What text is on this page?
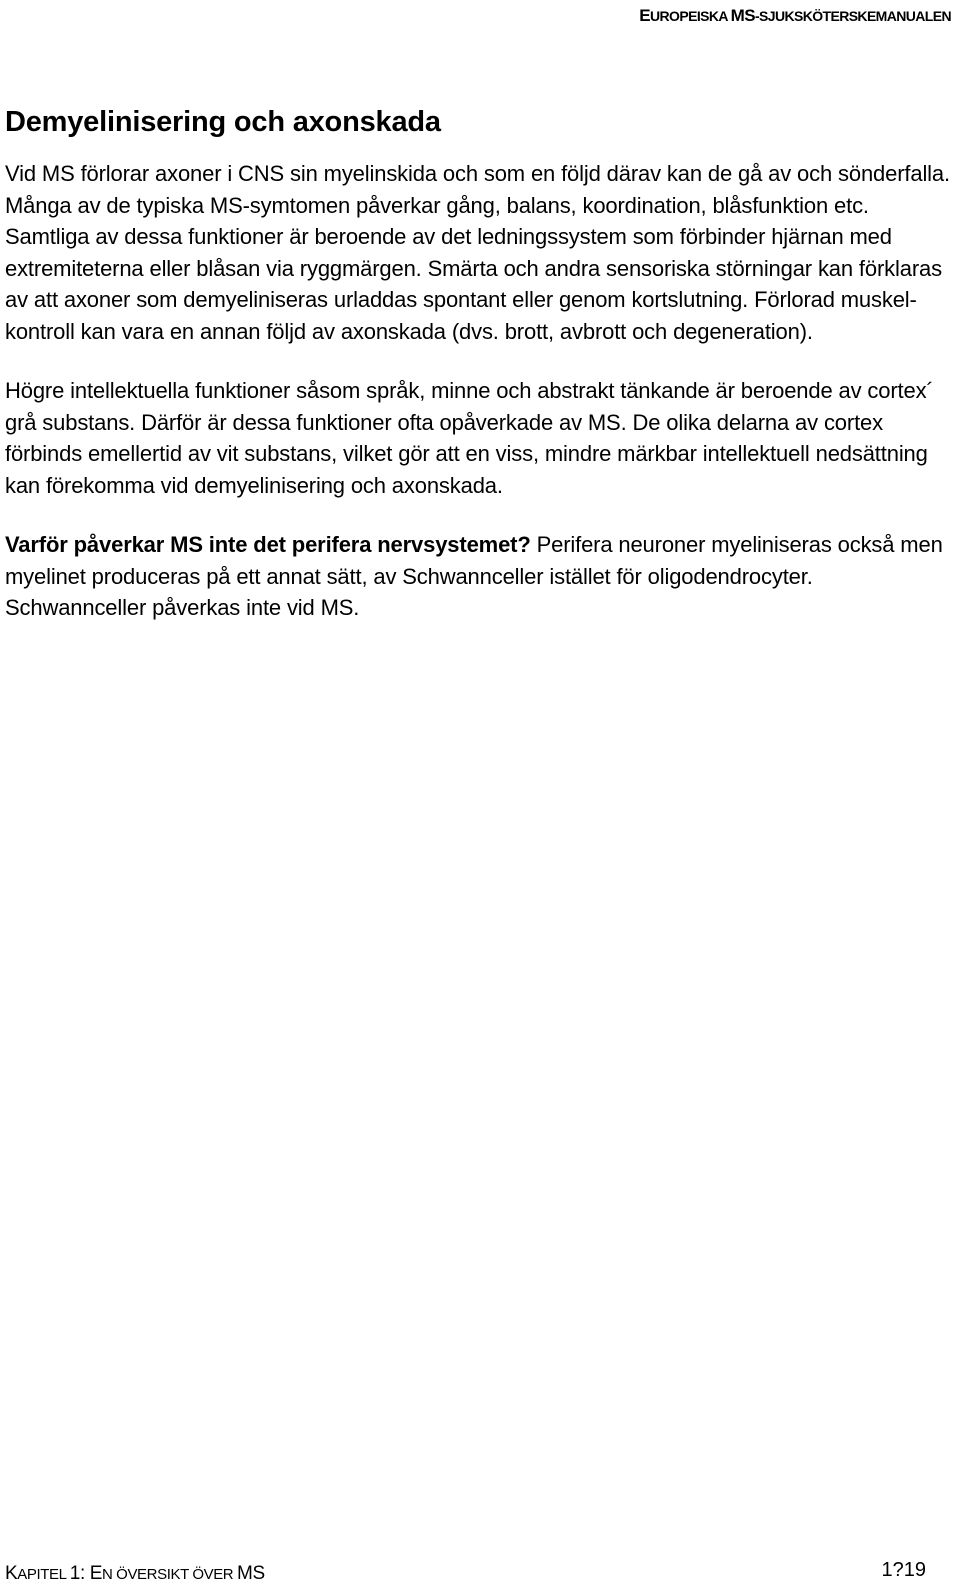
EUROPEISKA MS-SJUKSKÖTERSKEMANUALEN
Demyelinisering och axonskada

Vid MS förlorar axoner i CNS sin myelinskida och som en följd därav kan de gå av och sönderfalla. Många av de typiska MS-symtomen påverkar gång, balans, koordination, blåsfunktion etc. Samtliga av dessa funktioner är beroende av det ledningssystem som förbinder hjärnan med extremiteterna eller blåsan via ryggmärgen. Smärta och andra sensoriska störningar kan förklaras av att axoner som demyeliniseras urladdas spontant eller genom kortslutning. Förlorad muskel-kontroll kan vara en annan följd av axonskada (dvs. brott, avbrott och degeneration).

Högre intellektuella funktioner såsom språk, minne och abstrakt tänkande är beroende av cortex´ grå substans. Därför är dessa funktioner ofta opåverkade av MS. De olika delarna av cortex förbinds emellertid av vit substans, vilket gör att en viss, mindre märkbar intellektuell nedsättning kan förekomma vid demyelinisering och axonskada.

Varför påverkar MS inte det perifera nervsystemet? Perifera neuroner myeliniseras också men myelinet produceras på ett annat sätt, av Schwannceller istället för oligodendrocyter. Schwannceller påverkas inte vid MS.

KAPITEL 1: EN ÖVERSIKT ÖVER MS	1?19
